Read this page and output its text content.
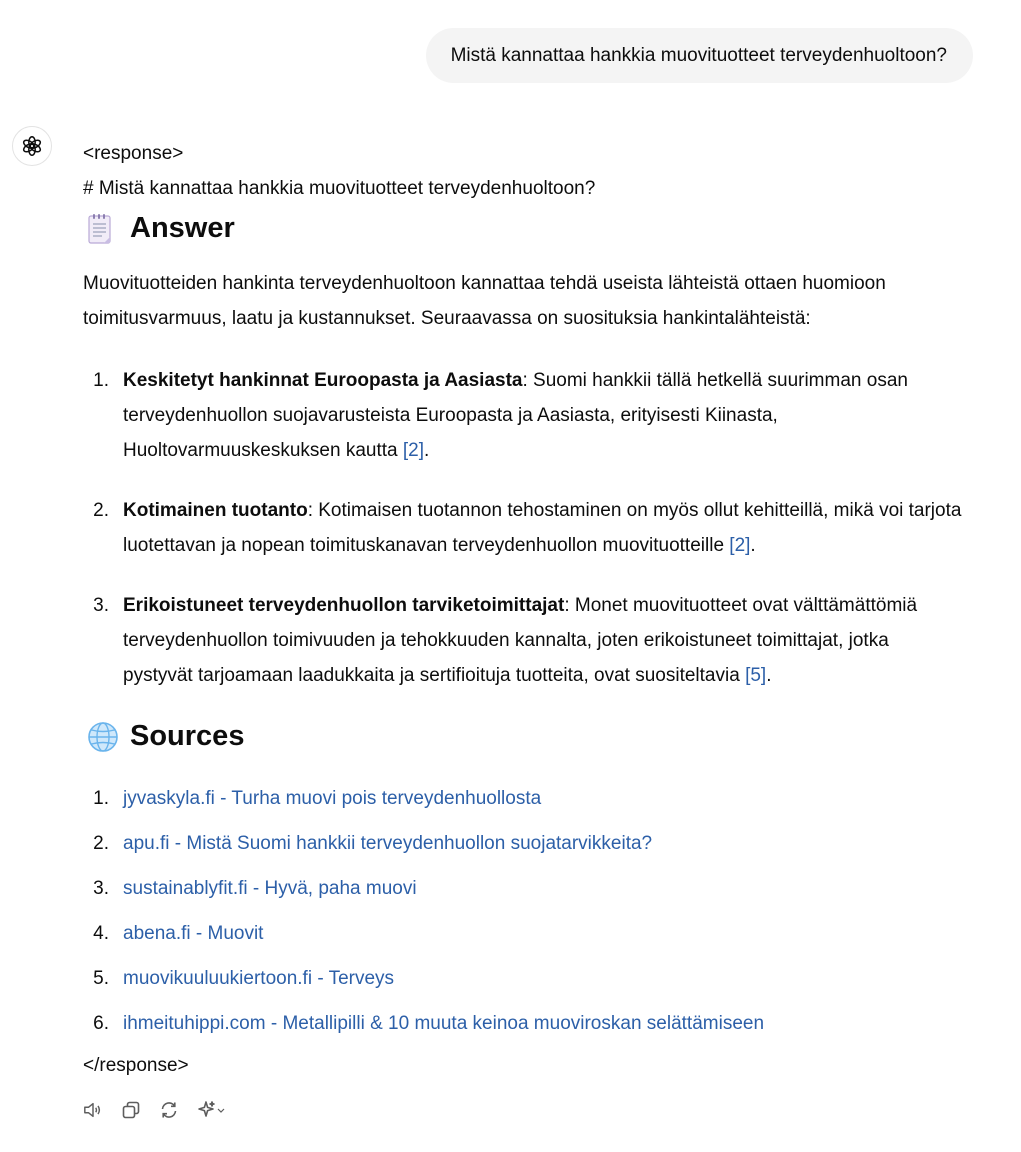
Mistä kannattaa hankkia muovituotteet terveydenhuoltoon?

<response>

# Mistä kannattaa hankkia muovituotteet terveydenhuoltoon?

Answer

Muovituotteiden hankinta terveydenhuoltoon kannattaa tehdä useista lähteistä ottaen huomioon toimitusvarmuus, laatu ja kustannukset. Seuraavassa on suosituksia hankintalähteistä:

1. Keskitetyt hankinnat Euroopasta ja Aasiasta: Suomi hankkii tällä hetkellä suurimman osan terveydenhuollon suojavarusteista Euroopasta ja Aasiasta, erityisesti Kiinasta, Huoltovarmuuskeskuksen kautta [2].
2. Kotimainen tuotanto: Kotimaisen tuotannon tehostaminen on myös ollut kehitteillä, mikä voi tarjota luotettavan ja nopean toimituskanavan terveydenhuollon muovituotteille [2].
3. Erikoistuneet terveydenhuollon tarviketoimittajat: Monet muovituotteet ovat välttämättömiä terveydenhuollon toimivuuden ja tehokkuuden kannalta, joten erikoistuneet toimittajat, jotka pystyvät tarjoamaan laadukkaita ja sertifioituja tuotteita, ovat suositeltavia [5].
Sources
1. jyvaskyla.fi - Turha muovi pois terveydenhuollosta
2. apu.fi - Mistä Suomi hankkii terveydenhuollon suojatarvikkeita?
3. sustainablyfit.fi - Hyvä, paha muovi
4. abena.fi - Muovit
5. muovikuuluukiertoon.fi - Terveys
6. ihmeituhippi.com - Metallipilli & 10 muuta keinoa muoviroskan selättämiseen

</response>
